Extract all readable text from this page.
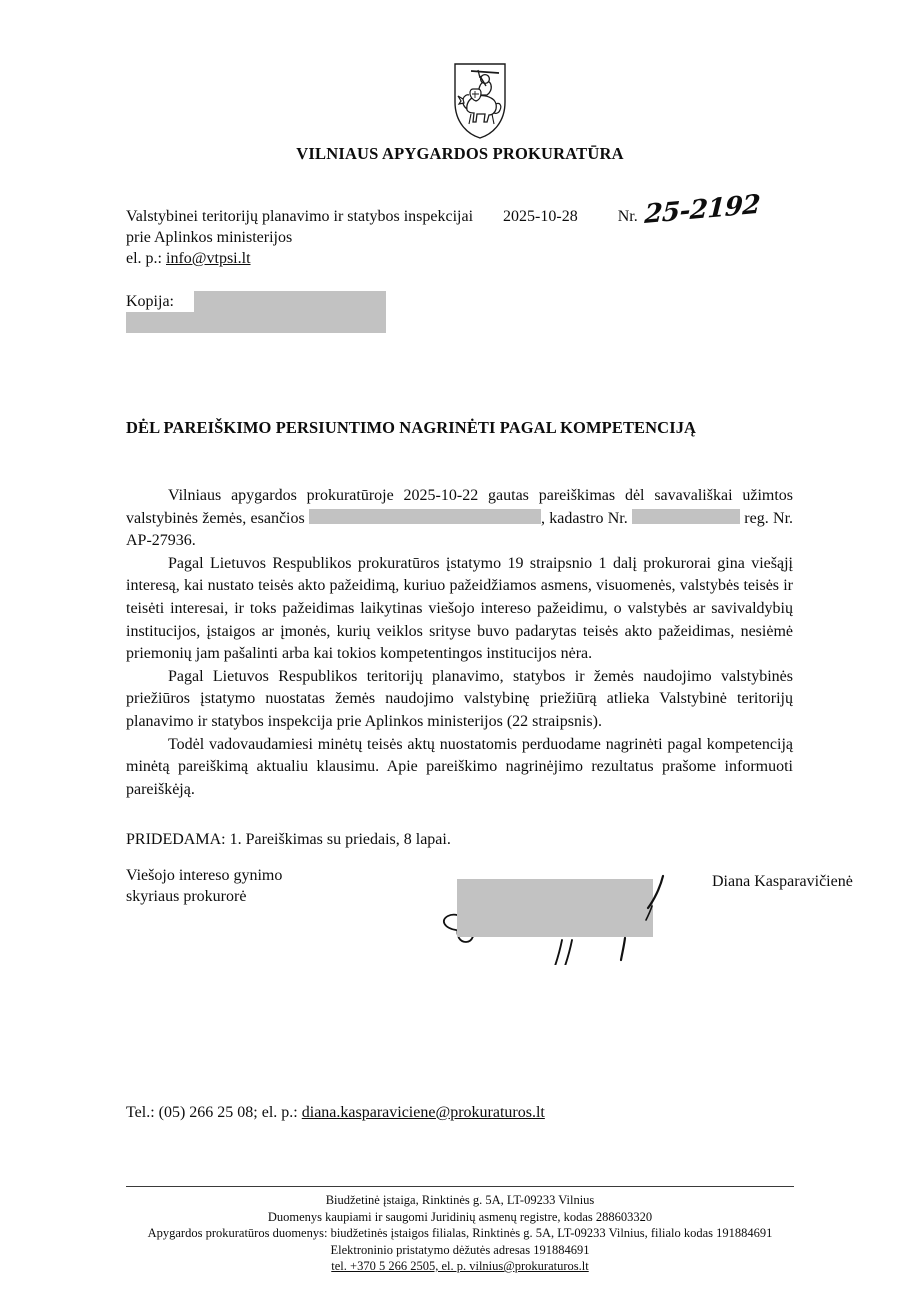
VILNIAUS APYGARDOS PROKURATŪRA
Valstybinei teritorijų planavimo ir statybos inspekcijai 2025-10-28	Nr. 25-2192
prie Aplinkos ministerijos
el. p.: info@vtpsi.lt
Kopija:
DĖL PAREIŠKIMO PERSIUNTIMO NAGRINĖTI PAGAL KOMPETENCIJĄ

Vilniaus apygardos prokuratūroje 2025-10-22 gautas pareiškimas dėl savavališkai užimtos valstybinės žemės, esančios	, kadastro Nr.	reg. Nr. AP-27936.

Pagal Lietuvos Respublikos prokuratūros įstatymo 19 straipsnio 1 dalį prokurorai gina viešąjį interesą, kai nustato teisės akto pažeidimą, kuriuo pažeidžiamos asmens, visuomenės, valstybės teisės ir teisėti interesai, ir toks pažeidimas laikytinas viešojo intereso pažeidimu, o valstybės ar savivaldybių institucijos, įstaigos ar įmonės, kurių veiklos srityse buvo padarytas teisės akto pažeidimas, nesiėmė priemonių jam pašalinti arba kai tokios kompetentingos institucijos nėra.

Pagal Lietuvos Respublikos teritorijų planavimo, statybos ir žemės naudojimo valstybinės priežiūros įstatymo nuostatas žemės naudojimo valstybinę priežiūrą atlieka Valstybinė teritorijų planavimo ir statybos inspekcija prie Aplinkos ministerijos (22 straipsnis).

Todėl vadovaudamiesi minėtų teisės aktų nuostatomis perduodame nagrinėti pagal kompetenciją minėtą pareiškimą aktualiu klausimu. Apie pareiškimo nagrinėjimo rezultatus prašome informuoti pareiškėją.

PRIDEDAMA: 1. Pareiškimas su priedais, 8 lapai.
Viešojo intereso gynimo
skyriaus prokurorė
Diana Kasparavičienė
Tel.: (05) 266 25 08; el. p.: diana.kasparaviciene@prokuraturos.lt
Biudžetinė įstaiga, Rinktinės g. 5A, LT-09233 Vilnius
Duomenys kaupiami ir saugomi Juridinių asmenų registre, kodas 288603320
Apygardos prokuratūros duomenys: biudžetinės įstaigos filialas, Rinktinės g. 5A, LT-09233 Vilnius, filialo kodas 191884691
Elektroninio pristatymo dėžutės adresas 191884691
tel. +370 5 266 2505, el. p. vilnius@prokuraturos.lt
